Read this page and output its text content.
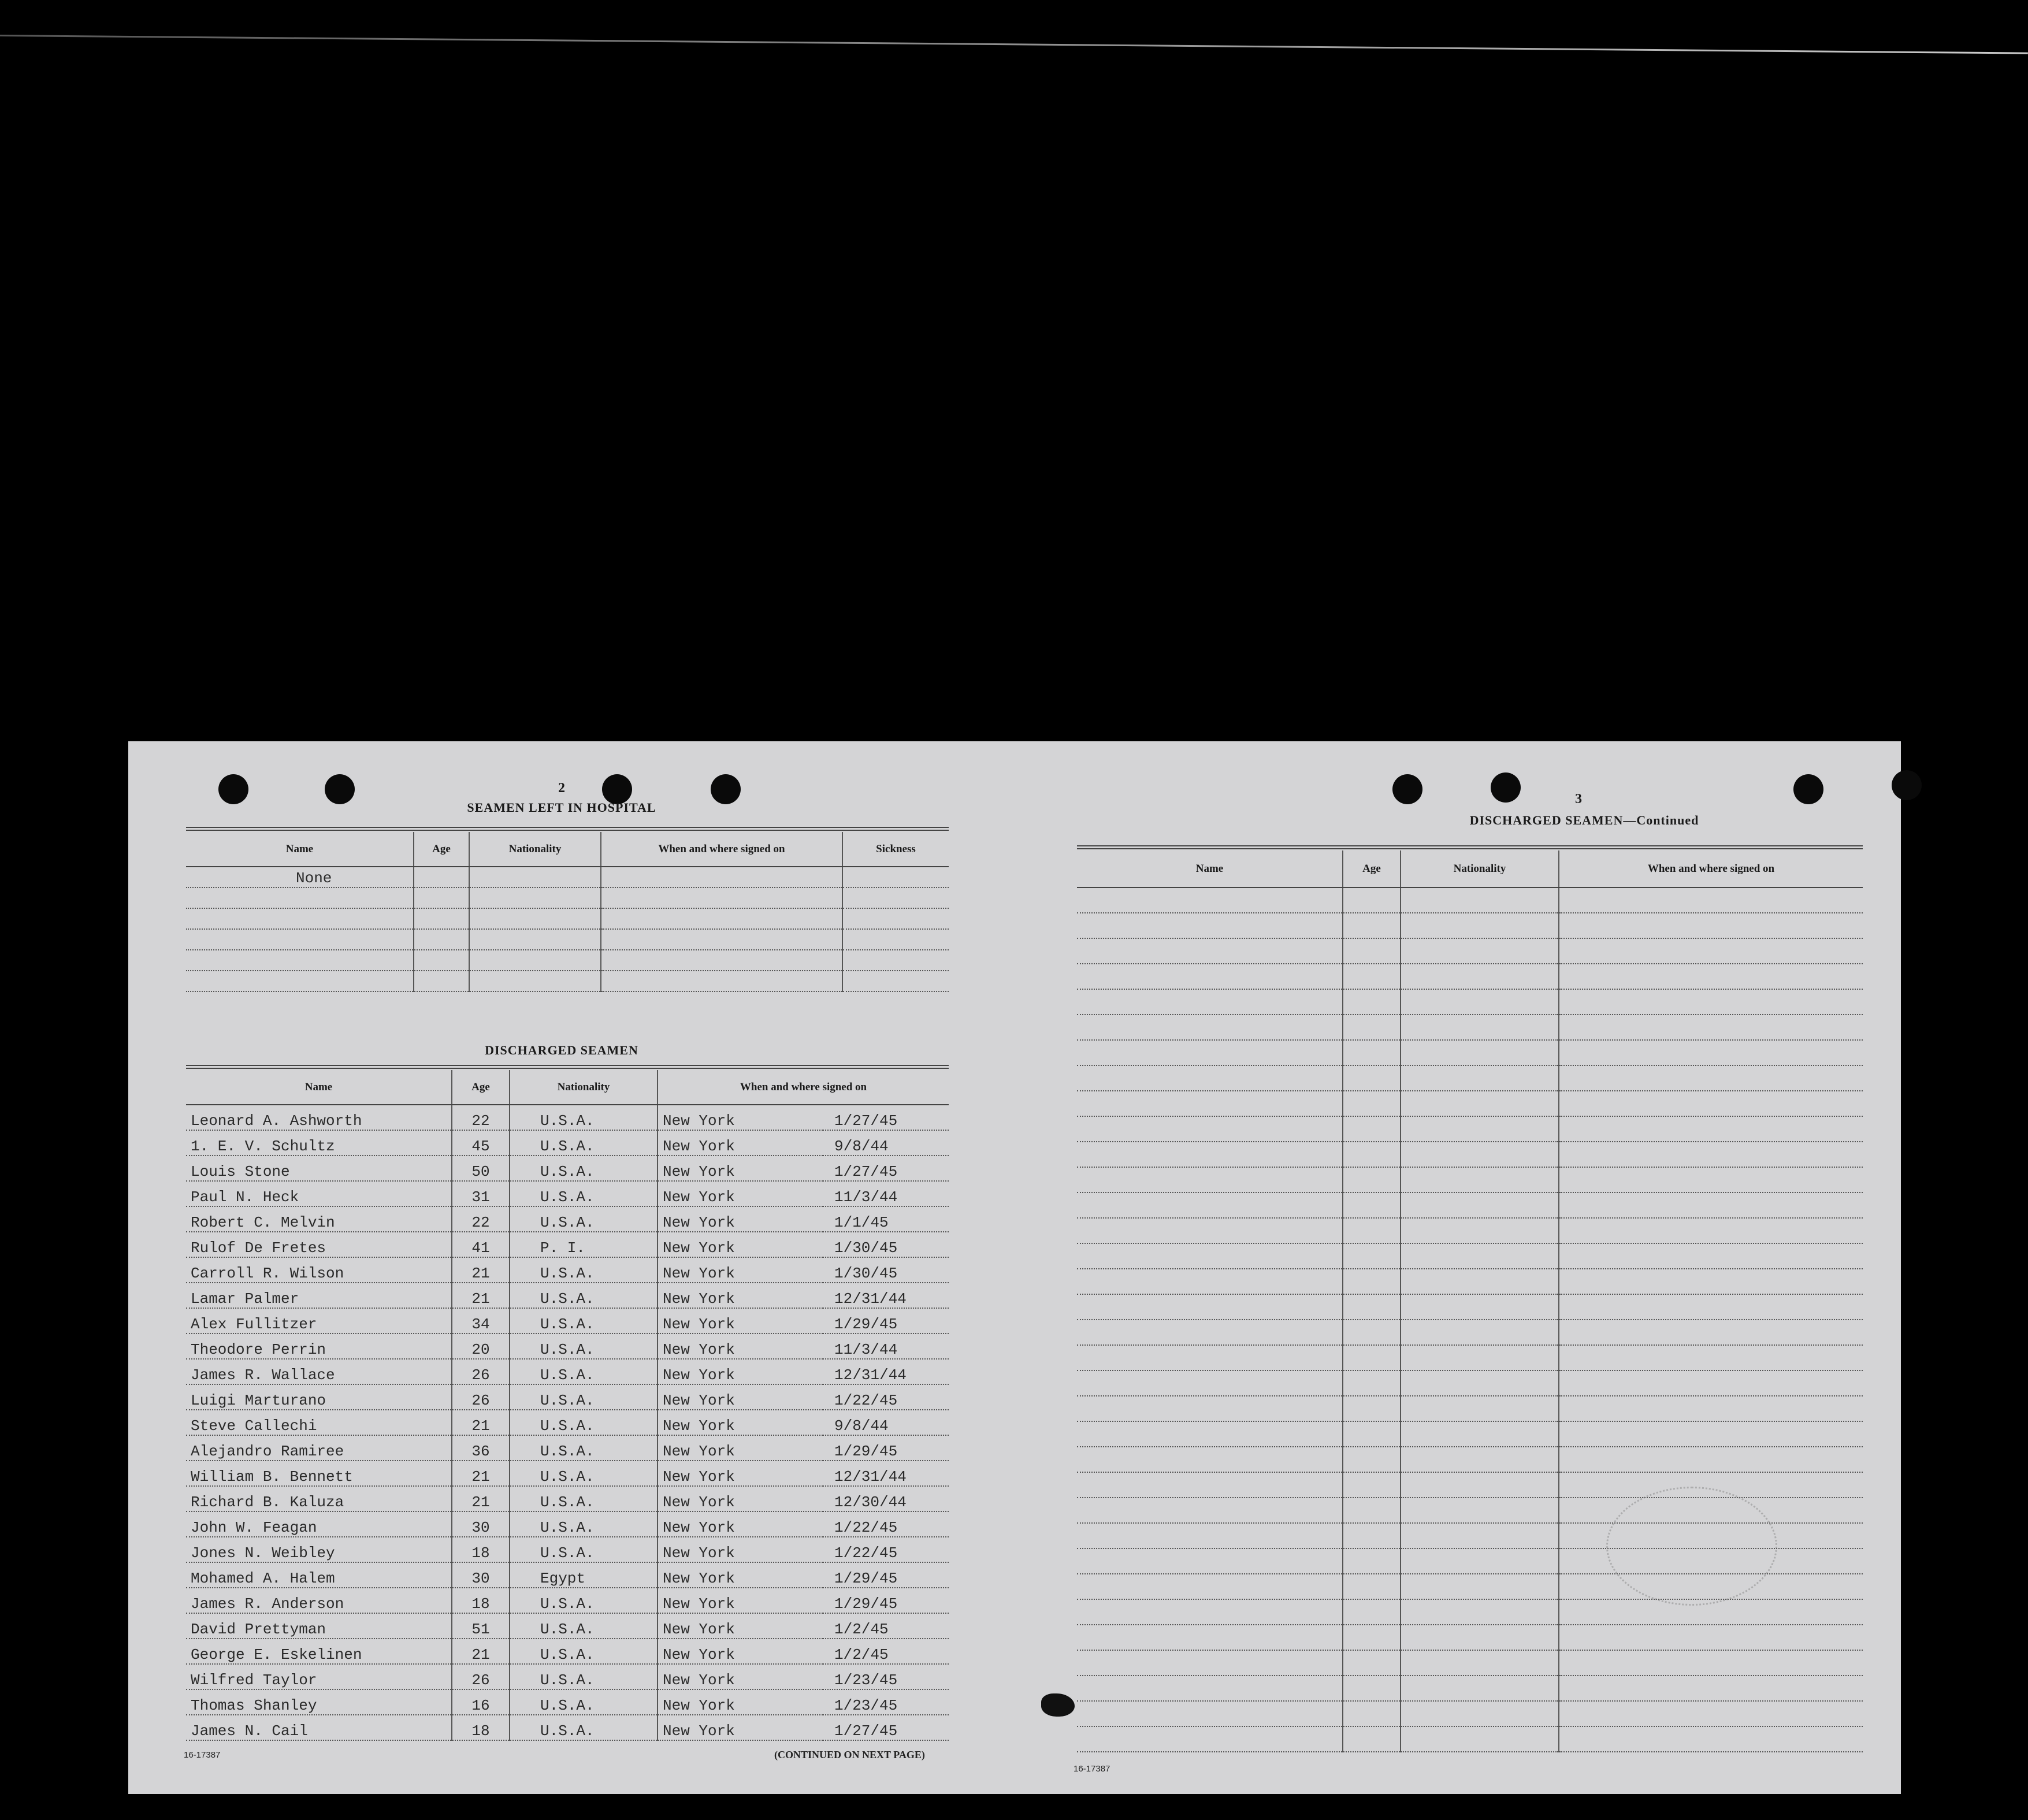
2
SEAMEN LEFT IN HOSPITAL
Name	Age	Nationality	When and where signed on	Sickness
None				

DISCHARGED SEAMEN
Name	Age	Nationality	When and where signed on	
Leonard A. Ashworth	22	U.S.A.	New York	1/27/45
1. E. V. Schultz	45	U.S.A.	New York	9/8/44
Louis Stone	50	U.S.A.	New York	1/27/45
Paul N. Heck	31	U.S.A.	New York	11/3/44
Robert C. Melvin	22	U.S.A.	New York	1/1/45
Rulof De Fretes	41	P. I.	New York	1/30/45
Carroll R. Wilson	21	U.S.A.	New York	1/30/45
Lamar Palmer	21	U.S.A.	New York	12/31/44
Alex Fullitzer	34	U.S.A.	New York	1/29/45
Theodore Perrin	20	U.S.A.	New York	11/3/44
James R. Wallace	26	U.S.A.	New York	12/31/44
Luigi Marturano	26	U.S.A.	New York	1/22/45
Steve Callechi	21	U.S.A.	New York	9/8/44
Alejandro Ramiree	36	U.S.A.	New York	1/29/45
William B. Bennett	21	U.S.A.	New York	12/31/44
Richard B. Kaluza	21	U.S.A.	New York	12/30/44
John W. Feagan	30	U.S.A.	New York	1/22/45
Jones N. Weibley	18	U.S.A.	New York	1/22/45
Mohamed A. Halem	30	Egypt	New York	1/29/45
James R. Anderson	18	U.S.A.	New York	1/29/45
David Prettyman	51	U.S.A.	New York	1/2/45
George E. Eskelinen	21	U.S.A.	New York	1/2/45
Wilfred Taylor	26	U.S.A.	New York	1/23/45
Thomas Shanley	16	U.S.A.	New York	1/23/45
James N. Cail	18	U.S.A.	New York	1/27/45
16-17387	(CONTINUED ON NEXT PAGE)
3
DISCHARGED SEAMEN—Continued
Name	Age	Nationality	When and where signed on

16-17387
